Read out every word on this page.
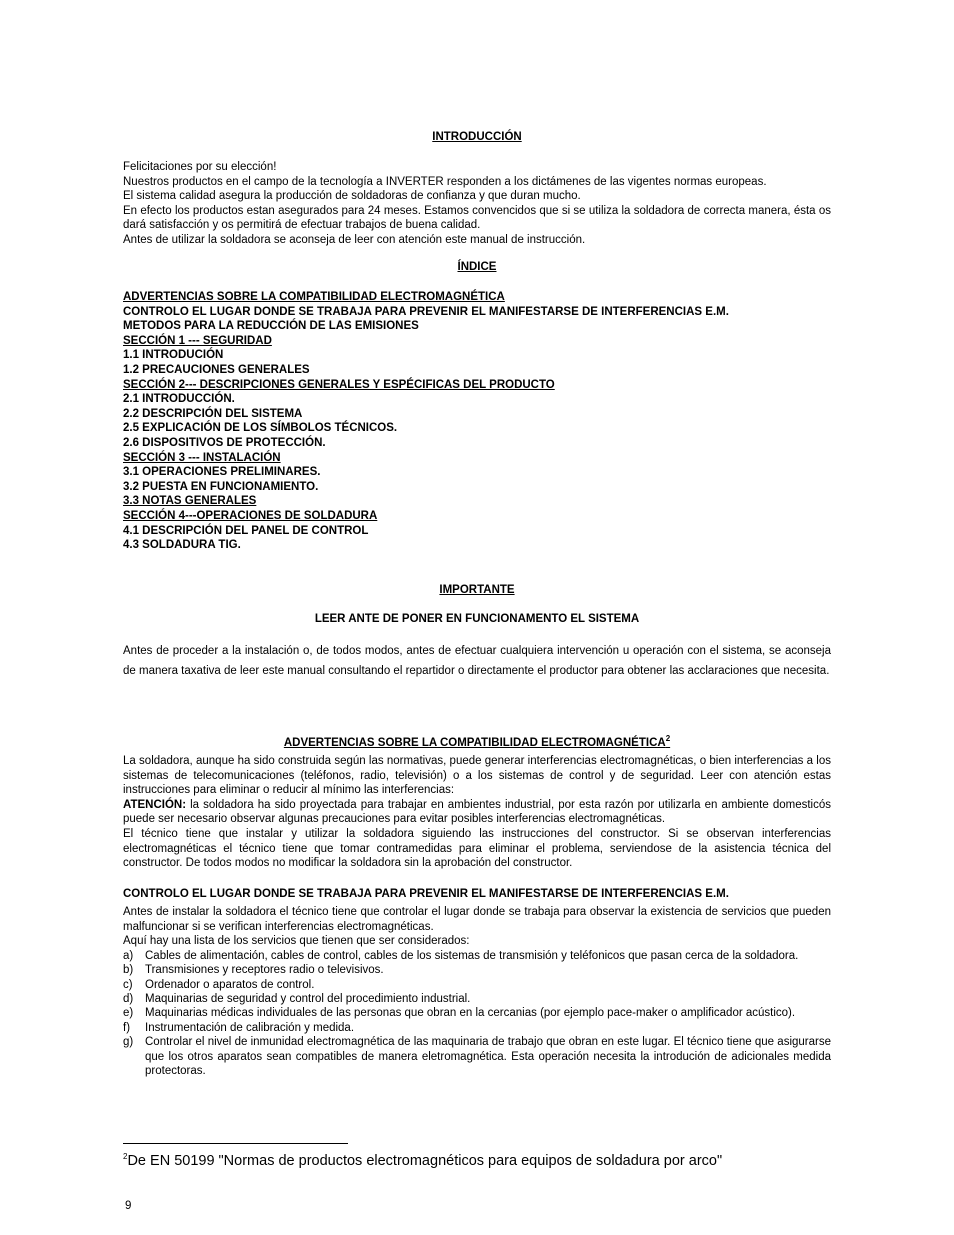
INTRODUCCIÓN

Felicitaciones por su elección!

Nuestros productos en el campo de la tecnología a INVERTER responden a los dictámenes de las vigentes normas europeas.

El sistema calidad asegura la producción de soldadoras de confianza y que duran mucho.

En efecto los productos estan asegurados para 24 meses. Estamos convencidos que si se utiliza la soldadora de correcta manera, ésta os dará satisfacción y os permitirá de efectuar trabajos de buena calidad.

Antes de utilizar la soldadora se aconseja de leer con atención este manual de instrucción.

ÍNDICE

ADVERTENCIAS SOBRE LA COMPATIBILIDAD ELECTROMAGNÉTICA

CONTROLO EL LUGAR DONDE SE TRABAJA PARA PREVENIR EL MANIFESTARSE DE INTERFERENCIAS E.M.

METODOS PARA LA REDUCCIÓN DE LAS EMISIONES

SECCIÓN 1 --- SEGURIDAD

1.1 INTRODUCIÓN

1.2 PRECAUCIONES GENERALES

SECCIÓN 2--- DESCRIPCIONES GENERALES Y ESPÉCIFICAS DEL PRODUCTO

2.1 INTRODUCCIÓN.

2.2 DESCRIPCIÓN DEL SISTEMA

2.5 EXPLICACIÓN DE LOS SÍMBOLOS TÉCNICOS.

2.6 DISPOSITIVOS DE PROTECCIÓN.

SECCIÓN 3 --- INSTALACIÓN

3.1 OPERACIONES PRELIMINARES.

3.2 PUESTA EN FUNCIONAMIENTO.

3.3 NOTAS GENERALES

SECCIÓN 4---OPERACIONES DE SOLDADURA

4.1 DESCRIPCIÓN DEL PANEL DE CONTROL

4.3 SOLDADURA TIG.

IMPORTANTE
LEER ANTE DE PONER EN FUNCIONAMENTO EL SISTEMA

Antes de proceder a la instalación o, de todos modos, antes de efectuar cualquiera intervención u operación con el sistema, se aconseja de manera taxativa de leer este manual consultando el repartidor o directamente el productor para obtener las acclaraciones que necesita.

ADVERTENCIAS SOBRE LA COMPATIBILIDAD ELECTROMAGNÉTICA$^2$

La soldadora, aunque ha sido construida según las normativas, puede generar interferencias electromagnéticas, o bien interferencias a los sistemas de telecomunicaciones (teléfonos, radio, televisión) o a los sistemas de control y de seguridad. Leer con atención estas instrucciones para eliminar o reducir al mínimo las interferencias:

ATENCIÓN: la soldadora ha sido proyectada para trabajar en ambientes industrial, por esta razón por utilizarla en ambiente domesticós puede ser necesario observar algunas precauciones para evitar posibles interferencias electromagnéticas.

El técnico tiene que instalar y utilizar la soldadora siguiendo las instrucciones del constructor. Si se observan interferencias electromagnéticas el técnico tiene que tomar contramedidas para eliminar el problema, serviendose de la asistencia técnica del constructor. De todos modos no modificar la soldadora sin la aprobación del constructor.

CONTROLO EL LUGAR DONDE SE TRABAJA PARA PREVENIR EL MANIFESTARSE DE INTERFERENCIAS E.M.

Antes de instalar la soldadora el técnico tiene que controlar el lugar donde se trabaja para observar la existencia de servicios que pueden malfuncionar si se verifican interferencias electromagnéticas.

Aquí hay una lista de los servicios que tienen que ser considerados:

a)	Cables de alimentación, cables de control, cables de los sistemas de transmisión y teléfonicos que pasan cerca de la soldadora.
b)	Transmisiones y receptores radio o televisivos.
c)	Ordenador o aparatos de control.
d)	Maquinarias de seguridad y control del procedimiento industrial.
e)	Maquinarias médicas individuales de las personas que obran en la cercanias (por ejemplo pace-maker o amplificador acústico).
f)	Instrumentación de calibración y medida.
g)	Controlar el nivel de inmunidad electromagnética de las maquinaria de trabajo que obran en este lugar. El técnico tiene que asigurarse que los otros aparatos sean compatibles de manera eletromagnética. Esta operación necesita la introdución de adicionales medida protectoras.
$^2$De EN 50199 "Normas de productos electromagnéticos para equipos de soldadura por arco"
9
